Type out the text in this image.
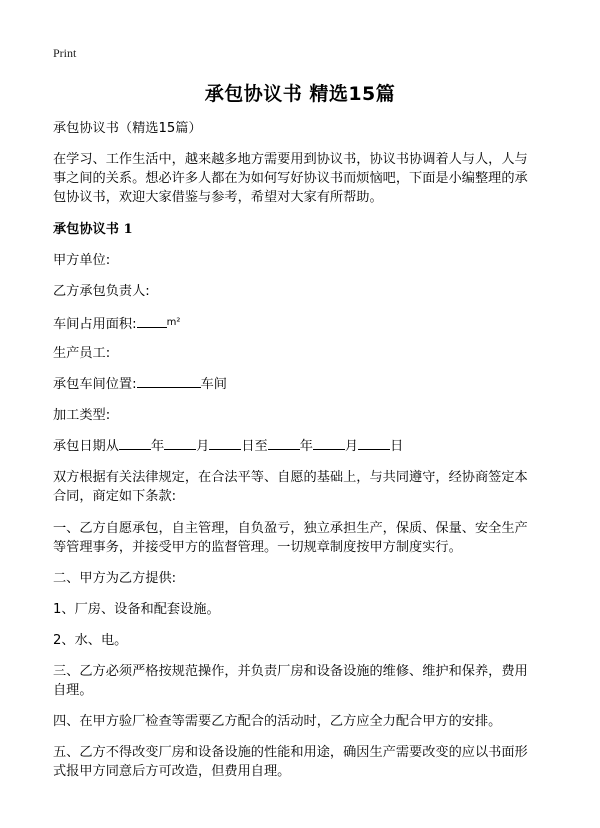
Print
承包协议书 精选15篇
承包协议书（精选15篇）
在学习、工作生活中，越来越多地方需要用到协议书，协议书协调着人与人，人与
事之间的关系。想必许多人都在为如何写好协议书而烦恼吧，下面是小编整理的承
包协议书，欢迎大家借鉴与参考，希望对大家有所帮助。
承包协议书 1
甲方单位:
乙方承包负责人:
车间占用面积:	$^{m^2}$
生产员工:
承包车间位置:	车间
加工类型:
承包日期从 年 月 日至 年 月 日
双方根据有关法律规定，在合法平等、自愿的基础上，与共同遵守，经协商签定本
合同，商定如下条款:
一、乙方自愿承包，自主管理，自负盈亏，独立承担生产，保质、保量、安全生产
等管理事务，并接受甲方的监督管理。一切规章制度按甲方制度实行。
二、甲方为乙方提供:
1、厂房、设备和配套设施。
2、水、电。
三、乙方必须严格按规范操作，并负责厂房和设备设施的维修、维护和保养，费用
自理。
四、在甲方验厂检查等需要乙方配合的活动时，乙方应全力配合甲方的安排。
五、乙方不得改变厂房和设备设施的性能和用途，确因生产需要改变的应以书面形
式报甲方同意后方可改造，但费用自理。
